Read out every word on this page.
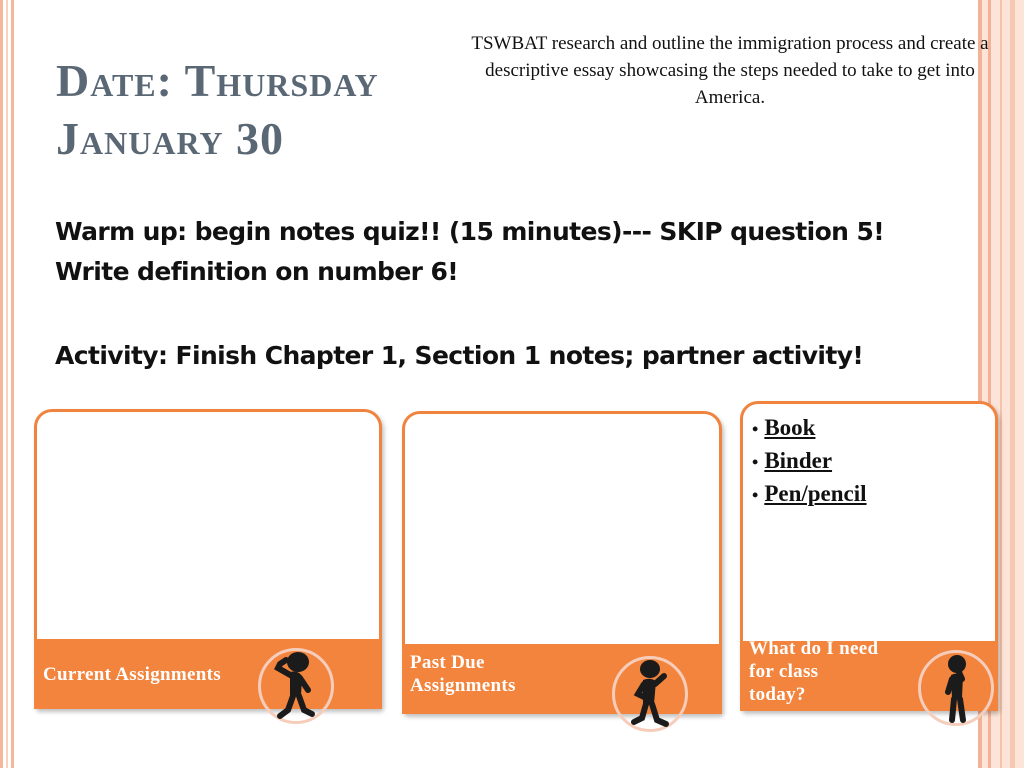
Date: Thursday
January 30
TSWBAT research and outline the immigration process and create a descriptive essay showcasing the steps needed to take to get into America.
Warm up: begin notes quiz!! (15 minutes)--- SKIP question 5!
Write definition on number 6!
Activity: Finish Chapter 1, Section 1 notes; partner activity!
Current Assignments
Past Due
Assignments
What do I need
for class
today?
• Book
• Binder
• Pen/pencil
